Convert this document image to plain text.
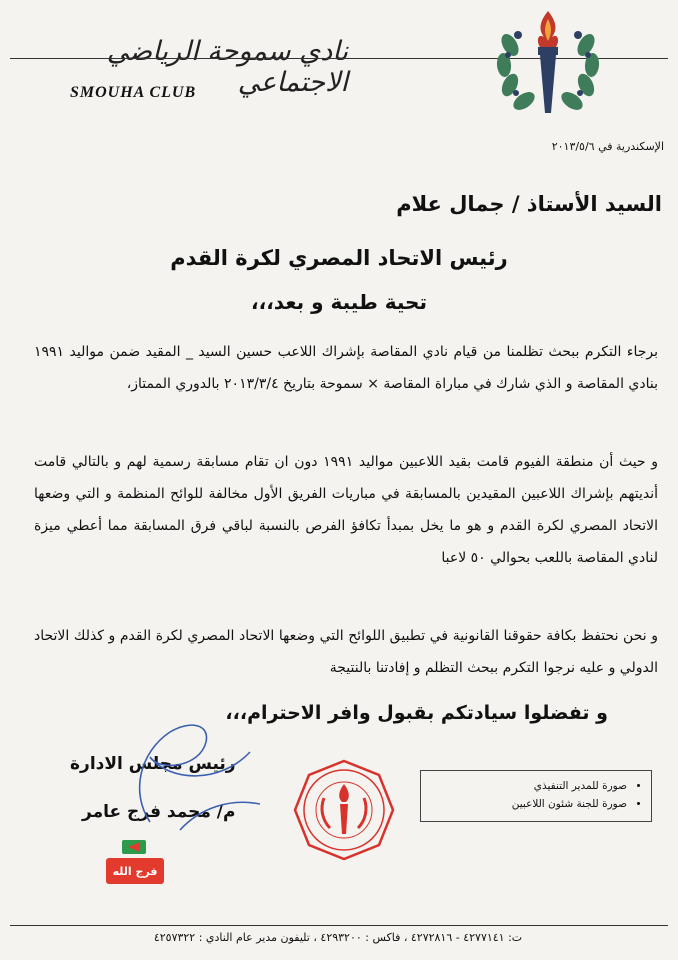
نادي سموحة الرياضي الاجتماعي
SMOUHA CLUB
الإسكندرية في ٢٠١٣/٥/٦
السيد الأستاذ / جمال علام
رئيس الاتحاد المصري لكرة القدم
تحية طيبة و بعد،،،
برجاء التكرم ببحث تظلمنا من قيام نادي المقاصة بإشراك اللاعب حسين السيد _ المقيد ضمن مواليد ١٩٩١ بنادي المقاصة و الذي شارك في مباراة المقاصة × سموحة بتاريخ ٢٠١٣/٣/٤ بالدوري الممتاز،
و حيث أن منطقة الفيوم قامت بقيد اللاعبين مواليد ١٩٩١ دون ان تقام مسابقة رسمية لهم و بالتالي قامت أنديتهم بإشراك اللاعبين المقيدين بالمسابقة في مباريات الفريق الأول مخالفة للوائح المنظمة و التي وضعها الاتحاد المصري لكرة القدم و هو ما يخل بمبدأ تكافؤ الفرص بالنسبة لباقي فرق المسابقة مما أعطي ميزة لنادي المقاصة باللعب بحوالي ٥٠ لاعبا
و نحن نحتفظ بكافة حقوقنا القانونية في تطبيق اللوائح التي وضعها الاتحاد المصري لكرة القدم و كذلك الاتحاد الدولي و عليه نرجوا التكرم ببحث التظلم و إفادتنا بالنتيجة
و تفضلوا سيادتكم بقبول وافر الاحترام،،،
رئيس مجلس الادارة
م/ محمد فرج عامر
• صورة للمدير التنفيذي
• صورة للجنة شئون اللاعبين
فرج الله
ت: ٤٢٧٧١٤١ - ٤٢٧٢٨١٦ ، فاكس : ٤٢٩٣٢٠٠ ، تليفون مدير عام النادي : ٤٢٥٧٣٢٢
